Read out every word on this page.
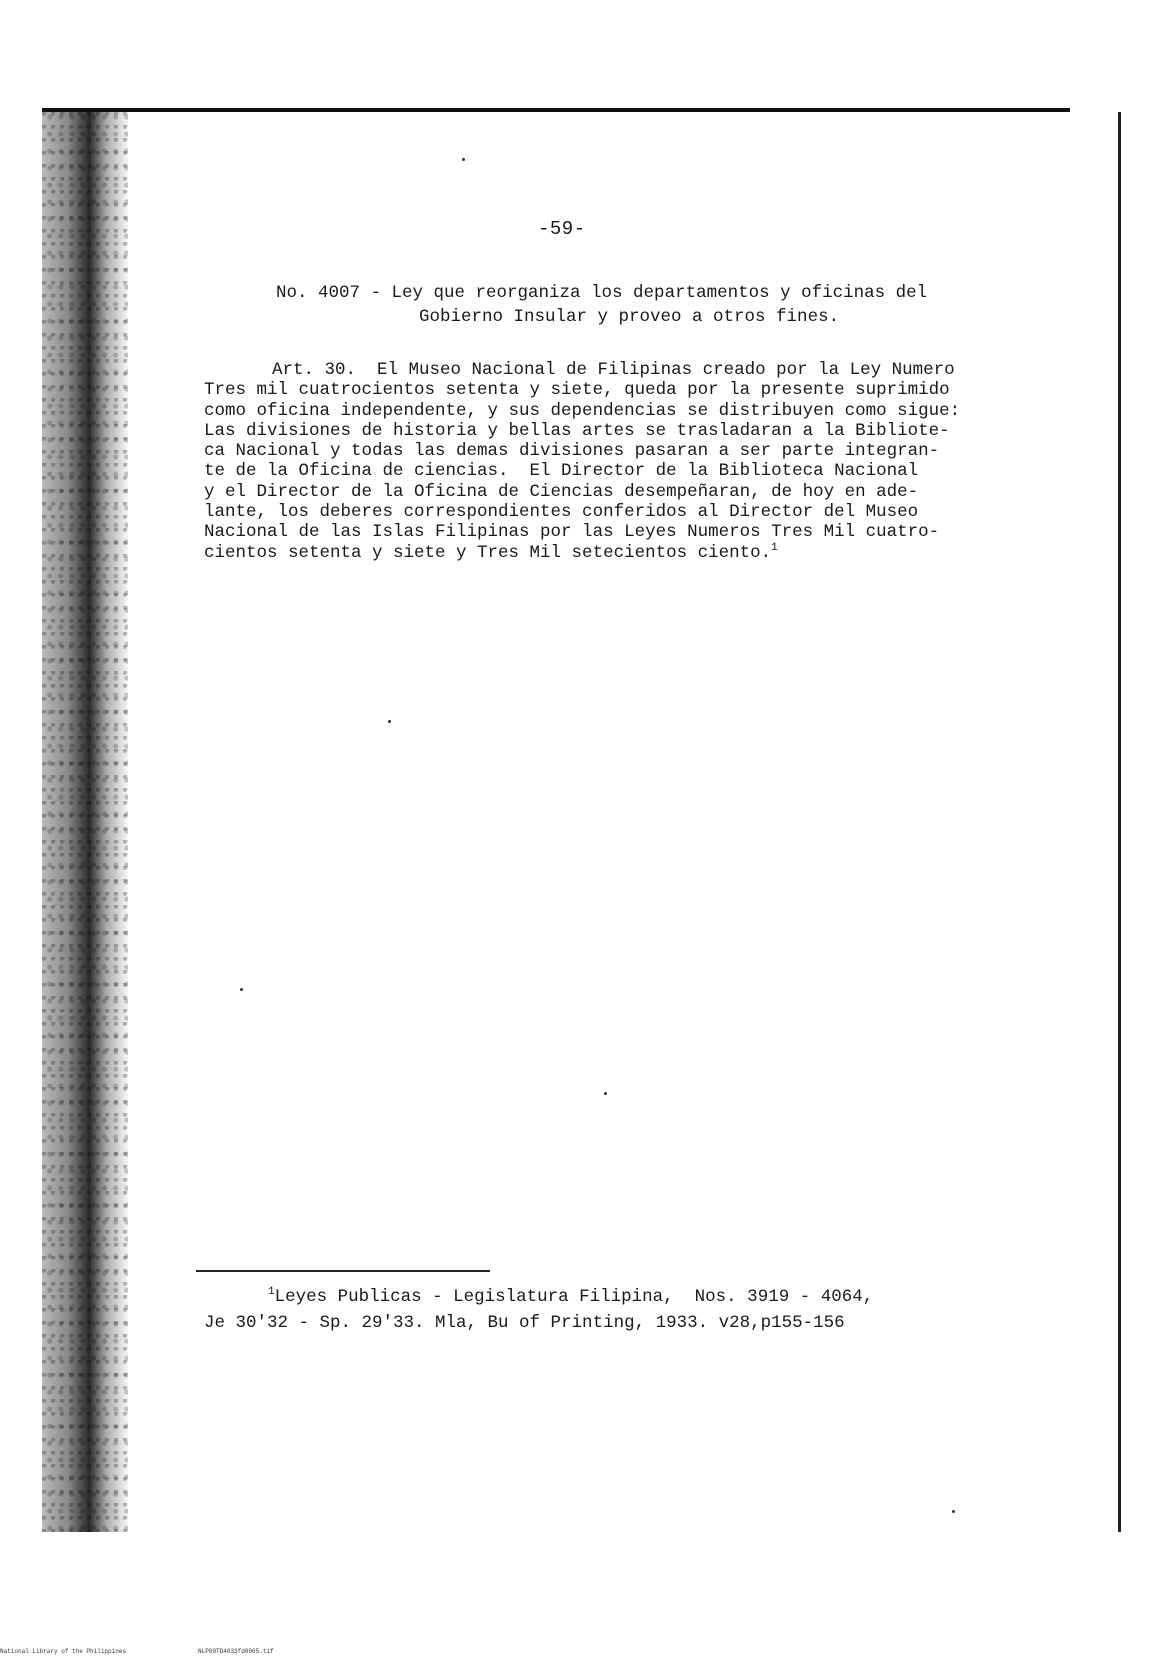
-59-
No. 4007 - Ley que reorganiza los departamentos y oficinas del

Gobierno Insular y proveo a otros fines.
Art. 30.  El Museo Nacional de Filipinas creado por la Ley Numero
Tres mil cuatrocientos setenta y siete, queda por la presente suprimido
como oficina independente, y sus dependencias se distribuyen como sigue:
Las divisiones de historia y bellas artes se trasladaran a la Bibliote-
ca Nacional y todas las demas divisiones pasaran a ser parte integran-
te de la Oficina de ciencias.  El Director de la Biblioteca Nacional
y el Director de la Oficina de Ciencias desempeñaran, de hoy en ade-
lante, los deberes correspondientes conferidos al Director del Museo
Nacional de las Islas Filipinas por las Leyes Numeros Tres Mil cuatro-
cientos setenta y siete y Tres Mil setecientos ciento.$^1$
$^1$Leyes Publicas - Legislatura Filipina,  Nos. 3919 - 4064,
Je 30'32 - Sp. 29'33. Mla, Bu of Printing, 1933. v28,p155-156
National Library of the Philippines	NLP00TD4033fd0065.tif
